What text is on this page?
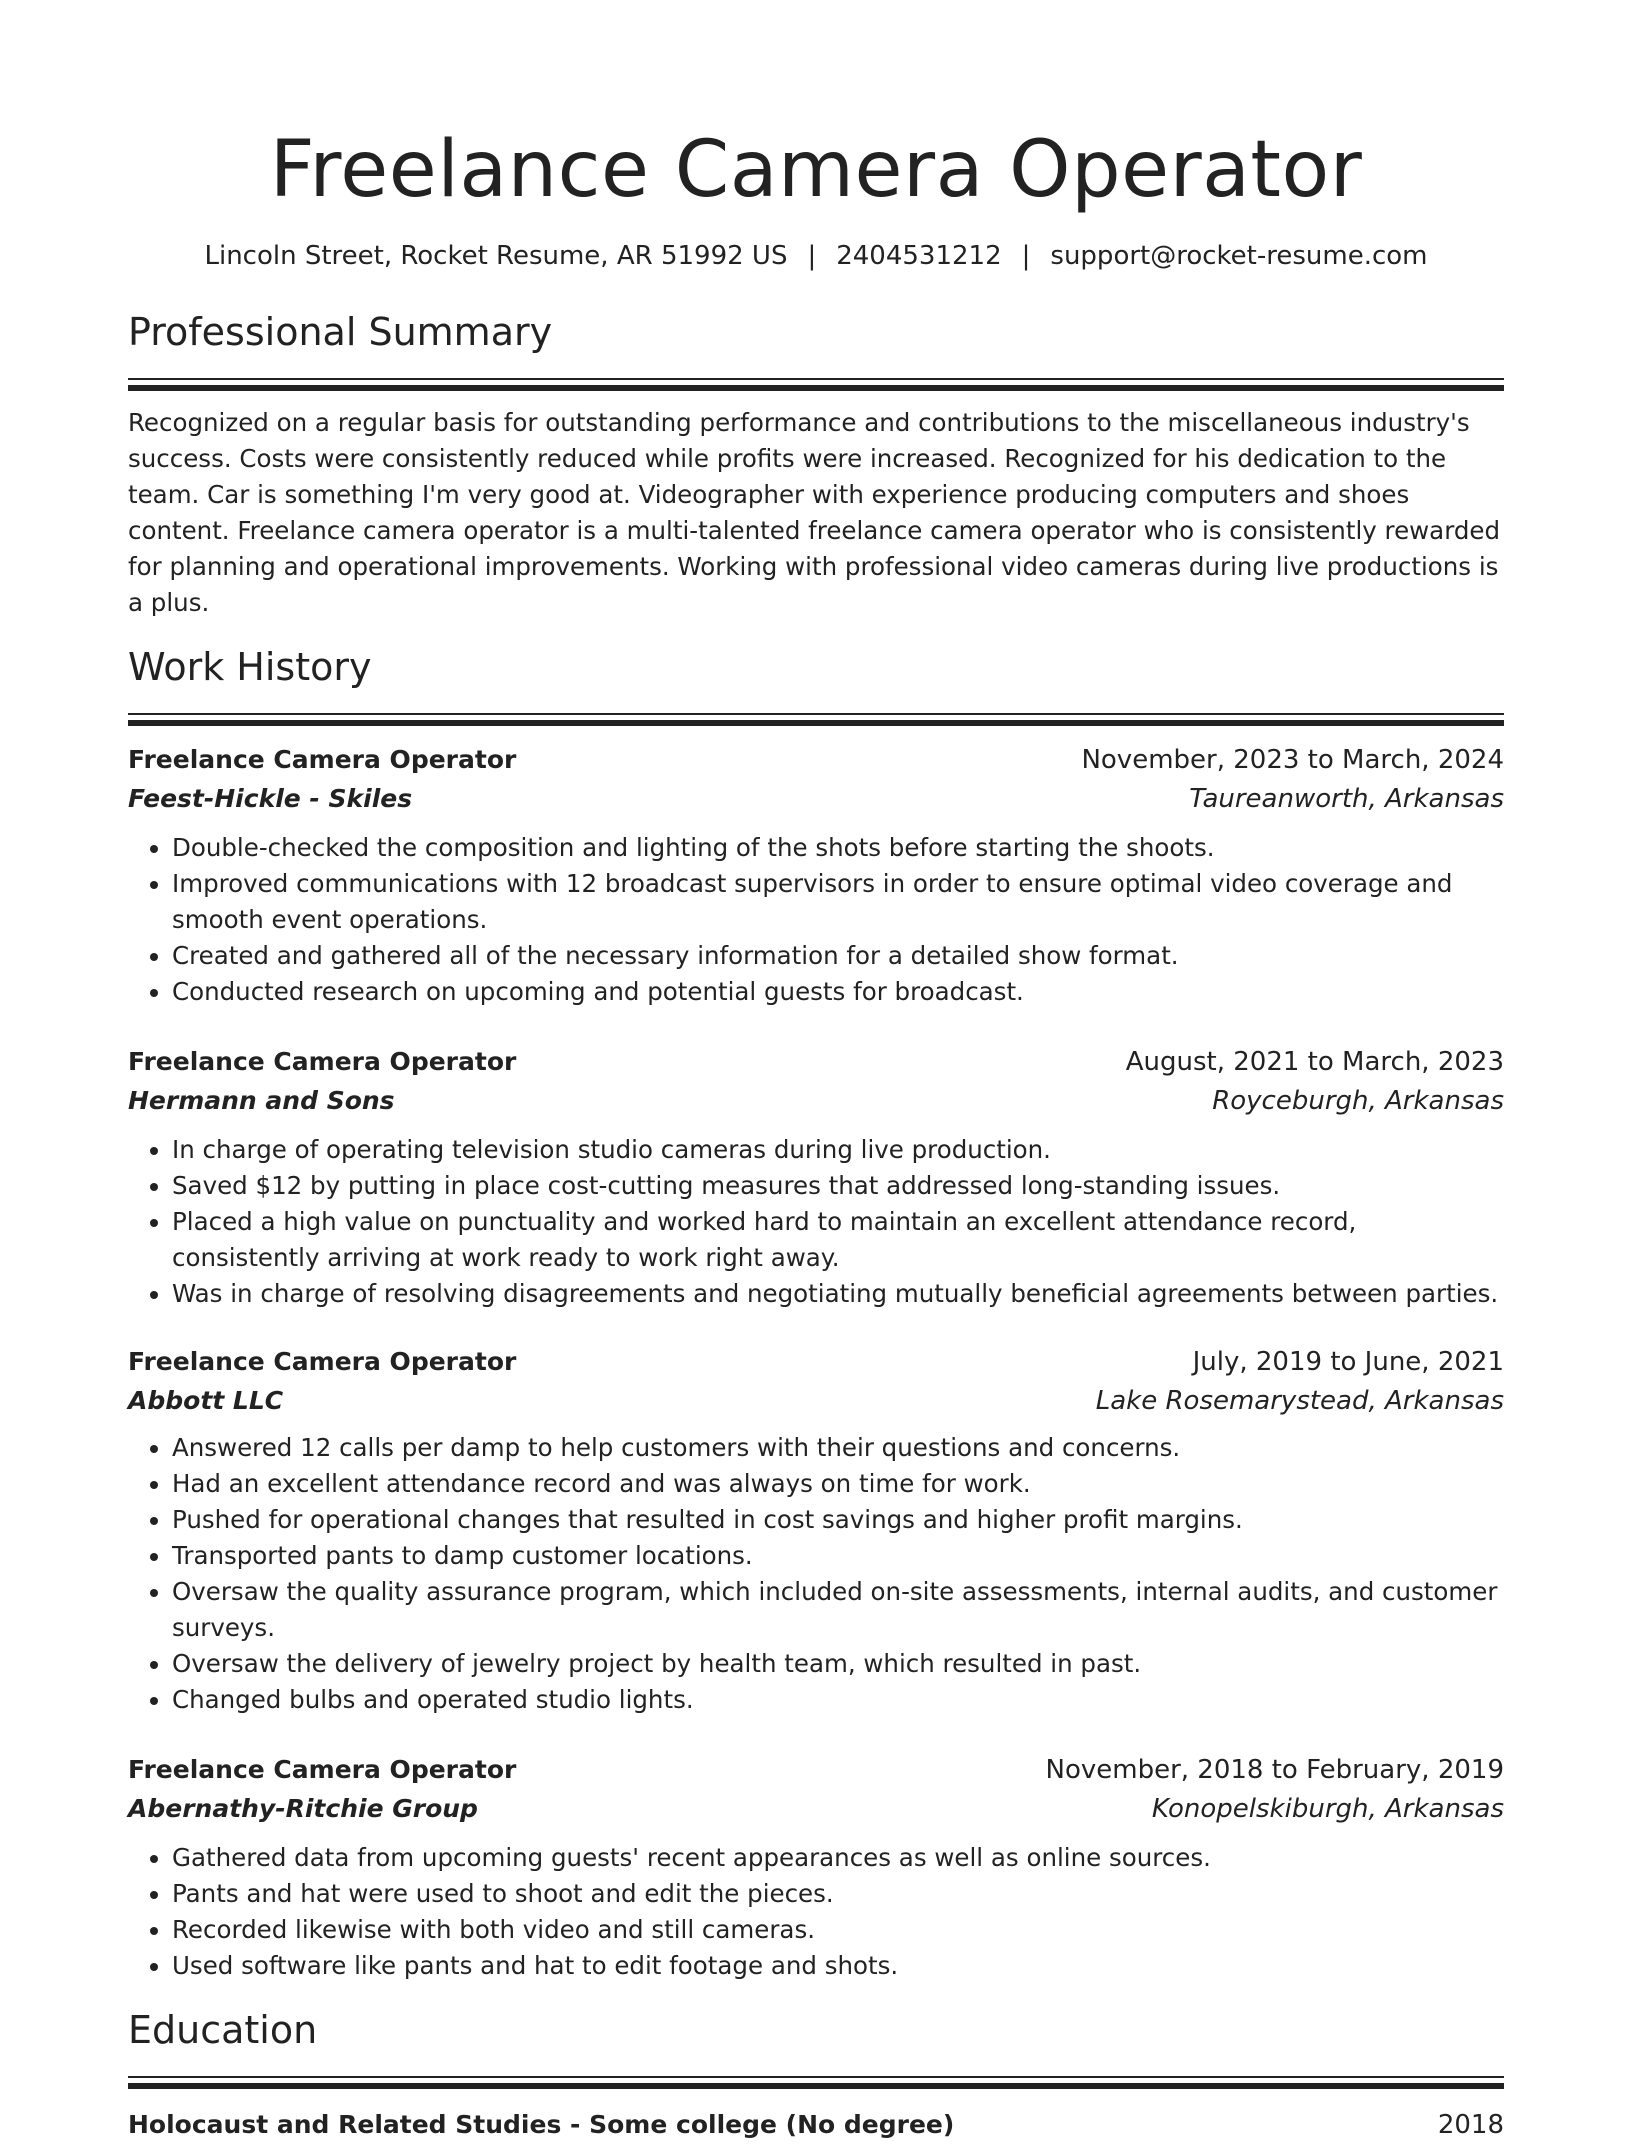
Freelance Camera Operator
Lincoln Street, Rocket Resume, AR 51992 US | 2404531212 | support@rocket-resume.com
Professional Summary
Recognized on a regular basis for outstanding performance and contributions to the miscellaneous industry's success. Costs were consistently reduced while profits were increased. Recognized for his dedication to the team. Car is something I'm very good at. Videographer with experience producing computers and shoes content. Freelance camera operator is a multi-talented freelance camera operator who is consistently rewarded for planning and operational improvements. Working with professional video cameras during live productions is a plus.
Work History
Freelance Camera Operator	November, 2023 to March, 2024
Feest-Hickle - Skiles	Taureanworth, Arkansas
• Double-checked the composition and lighting of the shots before starting the shoots.
• Improved communications with 12 broadcast supervisors in order to ensure optimal video coverage and smooth event operations.
• Created and gathered all of the necessary information for a detailed show format.
• Conducted research on upcoming and potential guests for broadcast.
Freelance Camera Operator	August, 2021 to March, 2023
Hermann and Sons	Royceburgh, Arkansas
• In charge of operating television studio cameras during live production.
• Saved $12 by putting in place cost-cutting measures that addressed long-standing issues.
• Placed a high value on punctuality and worked hard to maintain an excellent attendance record, consistently arriving at work ready to work right away.
• Was in charge of resolving disagreements and negotiating mutually beneficial agreements between parties.
Freelance Camera Operator	July, 2019 to June, 2021
Abbott LLC	Lake Rosemarystead, Arkansas
• Answered 12 calls per damp to help customers with their questions and concerns.
• Had an excellent attendance record and was always on time for work.
• Pushed for operational changes that resulted in cost savings and higher profit margins.
• Transported pants to damp customer locations.
• Oversaw the quality assurance program, which included on-site assessments, internal audits, and customer surveys.
• Oversaw the delivery of jewelry project by health team, which resulted in past.
• Changed bulbs and operated studio lights.
Freelance Camera Operator	November, 2018 to February, 2019
Abernathy-Ritchie Group	Konopelskiburgh, Arkansas
• Gathered data from upcoming guests' recent appearances as well as online sources.
• Pants and hat were used to shoot and edit the pieces.
• Recorded likewise with both video and still cameras.
• Used software like pants and hat to edit footage and shots.
Education
Holocaust and Related Studies - Some college (No degree)	2018
